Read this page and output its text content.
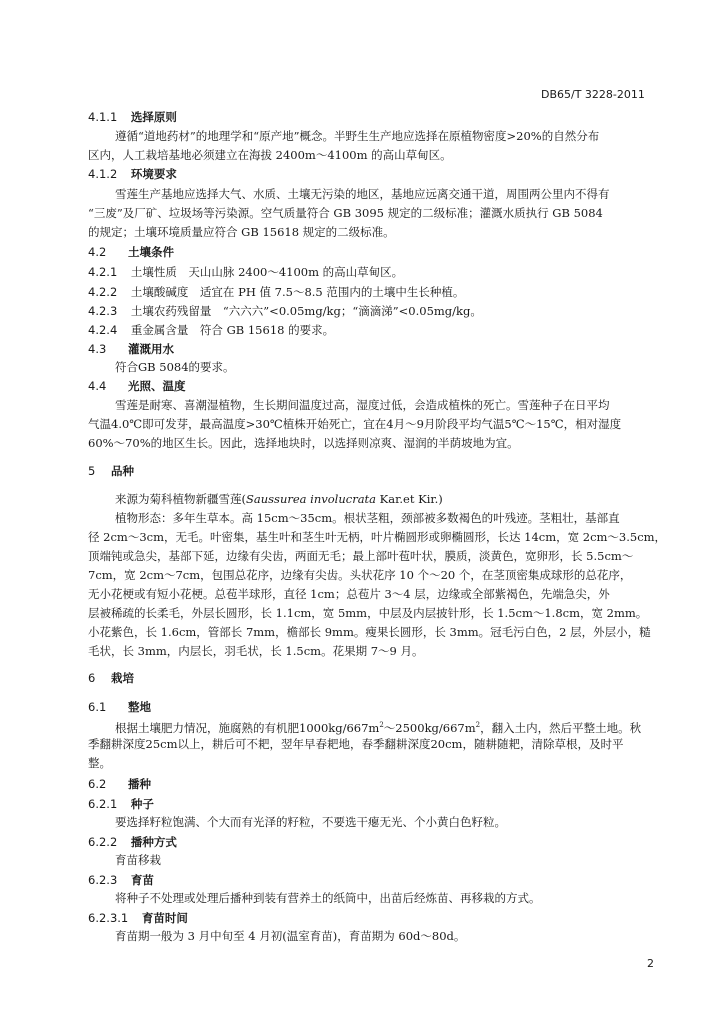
DB65/T 3228-2011
4.1.1 选择原则
遵循“道地药材”的地理学和“原产地”概念。半野生生产地应选择在原植物密度>20%的自然分布
区内，人工栽培基地必须建立在海拔 2400m～4100m 的高山草甸区。
4.1.2 环境要求
雪莲生产基地应选择大气、水质、土壤无污染的地区，基地应远离交通干道，周围两公里内不得有
“三废”及厂矿、垃圾场等污染源。空气质量符合 GB 3095 规定的二级标准；灌溉水质执行 GB 5084
的规定；土壤环境质量应符合 GB 15618 规定的二级标准。
4.2 土壤条件
4.2.1 土壤性质　天山山脉 2400～4100m 的高山草甸区。
4.2.2 土壤酸碱度　适宜在 PH 值 7.5～8.5 范围内的土壤中生长种植。
4.2.3 土壤农药残留量　“六六六”<0.05mg/kg；“滴滴涕”<0.05mg/kg。
4.2.4 重金属含量　符合 GB 15618 的要求。
4.3 灌溉用水
符合GB 5084的要求。
4.4 光照、温度
雪莲是耐寒、喜潮湿植物，生长期间温度过高，湿度过低，会造成植株的死亡。雪莲种子在日平均
气温4.0℃即可发芽，最高温度>30℃植株开始死亡，宜在4月～9月阶段平均气温5℃～15℃，相对湿度
60%～70%的地区生长。因此，选择地块时，以选择则凉爽、湿润的半荫坡地为宜。
5 品种
来源为菊科植物新疆雪莲(Saussurea involucrata Kar.et Kir.)
植物形态：多年生草本。高 15cm～35cm。根状茎粗，颈部被多数褐色的叶残迹。茎粗壮，基部直
径 2cm～3cm，无毛。叶密集，基生叶和茎生叶无柄，叶片椭圆形或卵椭圆形，长达 14cm，宽 2cm～3.5cm，
顶端钝或急尖，基部下延，边缘有尖齿，两面无毛；最上部叶苞叶状，膜质，淡黄色，宽卵形，长 5.5cm～
7cm，宽 2cm～7cm，包围总花序，边缘有尖齿。头状花序 10 个～20 个，在茎顶密集成球形的总花序，
无小花梗或有短小花梗。总苞半球形，直径 1cm；总苞片 3～4 层，边缘或全部紫褐色，先端急尖，外
层被稀疏的长柔毛，外层长圆形，长 1.1cm，宽 5mm，中层及内层披针形，长 1.5cm～1.8cm，宽 2mm。
小花紫色，长 1.6cm，管部长 7mm，檐部长 9mm。瘦果长圆形，长 3mm。冠毛污白色，2 层，外层小，糙
毛状，长 3mm，内层长，羽毛状，长 1.5cm。花果期 7～9 月。
6 栽培
6.1 整地
根据土壤肥力情况，施腐熟的有机肥$1000kg/667m^2\sim 2500kg/667m^2$，翻入土内，然后平整土地。秋
季翻耕深度25cm以上，耕后可不耙，翌年早春耙地，春季翻耕深度20cm，随耕随耙，清除草根，及时平
整。
6.2 播种
6.2.1 种子
要选择籽粒饱满、个大而有光泽的籽粒，不要选干瘪无光、个小黄白色籽粒。
6.2.2 播种方式
育苗移栽
6.2.3 育苗
将种子不处理或处理后播种到装有营养土的纸筒中，出苗后经炼苗、再移栽的方式。
6.2.3.1 育苗时间
育苗期一般为 3 月中旬至 4 月初(温室育苗)，育苗期为 60d～80d。
2
